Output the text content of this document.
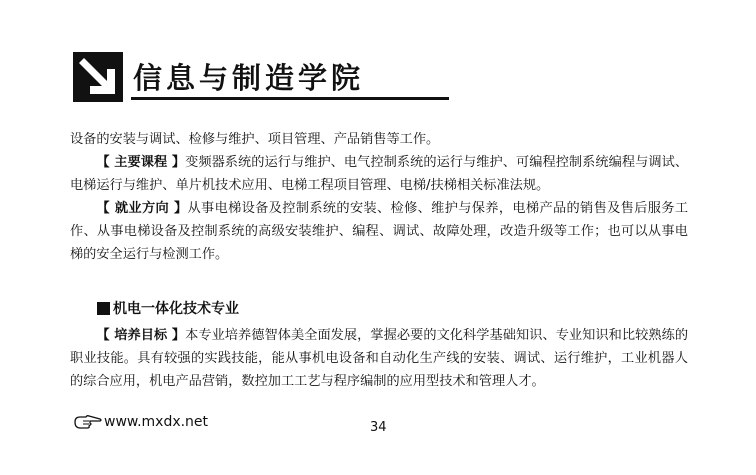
信息与制造学院

设备的安装与调试、检修与维护、项目管理、产品销售等工作。

【 主要课程 】变频器系统的运行与维护、电气控制系统的运行与维护、可编程控制系统编程与调试、电梯运行与维护、单片机技术应用、电梯工程项目管理、电梯/扶梯相关标准法规。

【 就业方向 】从事电梯设备及控制系统的安装、检修、维护与保养，电梯产品的销售及售后服务工作、从事电梯设备及控制系统的高级安装维护、编程、调试、故障处理，改造升级等工作；也可以从事电梯的安全运行与检测工作。

机电一体化技术专业

【 培养目标 】本专业培养德智体美全面发展，掌握必要的文化科学基础知识、专业知识和比较熟练的职业技能。具有较强的实践技能，能从事机电设备和自动化生产线的安装、调试、运行维护，工业机器人的综合应用，机电产品营销，数控加工工艺与程序编制的应用型技术和管理人才。

www.mxdx.net	34
